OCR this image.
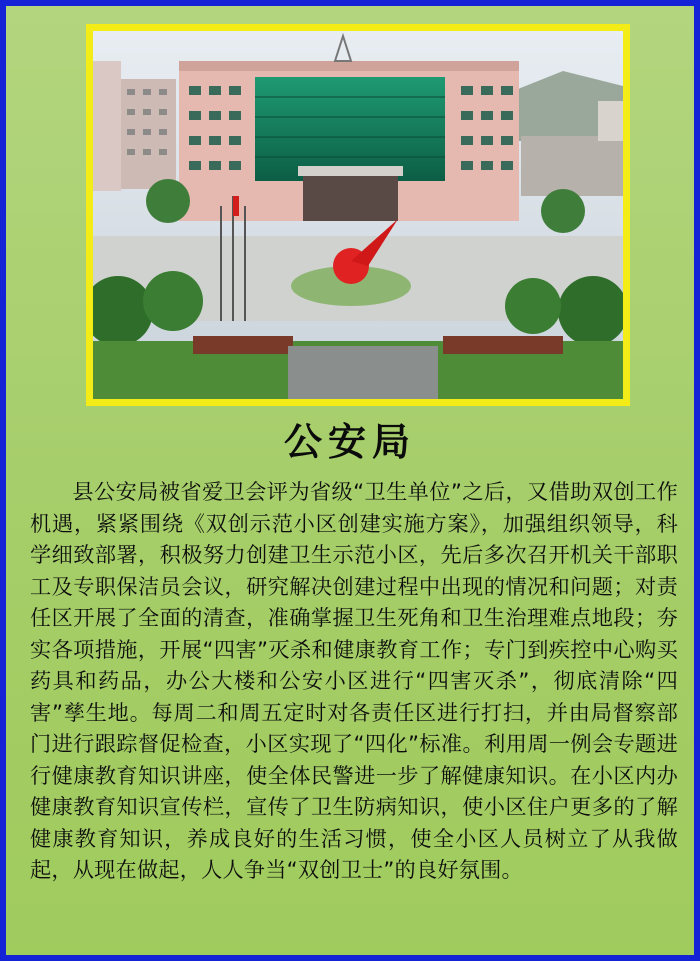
公安局

县公安局被省爱卫会评为省级“卫生单位”之后，又借助双创工作机遇，紧紧围绕《双创示范小区创建实施方案》，加强组织领导，科学细致部署，积极努力创建卫生示范小区，先后多次召开机关干部职工及专职保洁员会议，研究解决创建过程中出现的情况和问题；对责任区开展了全面的清查，准确掌握卫生死角和卫生治理难点地段；夯实各项措施，开展“四害”灭杀和健康教育工作；专门到疾控中心购买药具和药品，办公大楼和公安小区进行“四害灭杀”，彻底清除“四害”孳生地。每周二和周五定时对各责任区进行打扫，并由局督察部门进行跟踪督促检查，小区实现了“四化”标准。利用周一例会专题进行健康教育知识讲座，使全体民警进一步了解健康知识。在小区内办健康教育知识宣传栏，宣传了卫生防病知识，使小区住户更多的了解健康教育知识，养成良好的生活习惯，使全小区人员树立了从我做起，从现在做起，人人争当“双创卫士”的良好氛围。
